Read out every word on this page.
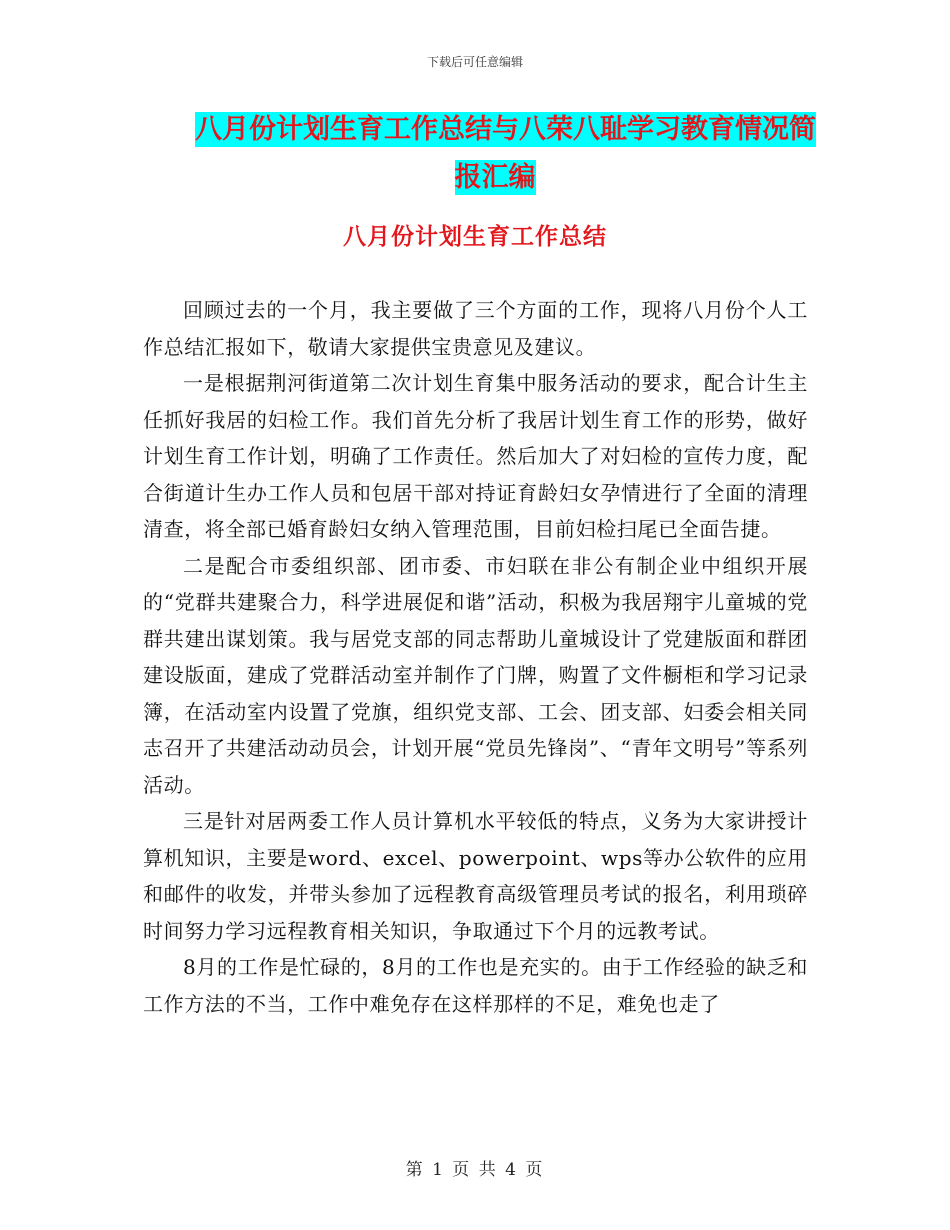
下载后可任意编辑
八月份计划生育工作总结与八荣八耻学习教育情况简
报汇编
八月份计划生育工作总结

回顾过去的一个月，我主要做了三个方面的工作，现将八月份个人工作总结汇报如下，敬请大家提供宝贵意见及建议。

一是根据荆河街道第二次计划生育集中服务活动的要求，配合计生主任抓好我居的妇检工作。我们首先分析了我居计划生育工作的形势，做好计划生育工作计划，明确了工作责任。然后加大了对妇检的宣传力度，配合街道计生办工作人员和包居干部对持证育龄妇女孕情进行了全面的清理清查，将全部已婚育龄妇女纳入管理范围，目前妇检扫尾已全面告捷。

二是配合市委组织部、团市委、市妇联在非公有制企业中组织开展的“党群共建聚合力，科学进展促和谐”活动，积极为我居翔宇儿童城的党群共建出谋划策。我与居党支部的同志帮助儿童城设计了党建版面和群团建设版面，建成了党群活动室并制作了门牌，购置了文件橱柜和学习记录簿，在活动室内设置了党旗，组织党支部、工会、团支部、妇委会相关同志召开了共建活动动员会，计划开展“党员先锋岗”、“青年文明号”等系列活动。

三是针对居两委工作人员计算机水平较低的特点，义务为大家讲授计算机知识，主要是word、excel、powerpoint、wps等办公软件的应用和邮件的收发，并带头参加了远程教育高级管理员考试的报名，利用琐碎时间努力学习远程教育相关知识，争取通过下个月的远教考试。

8月的工作是忙碌的，8月的工作也是充实的。由于工作经验的缺乏和工作方法的不当，工作中难免存在这样那样的不足，难免也走了

第 1 页 共 4 页
